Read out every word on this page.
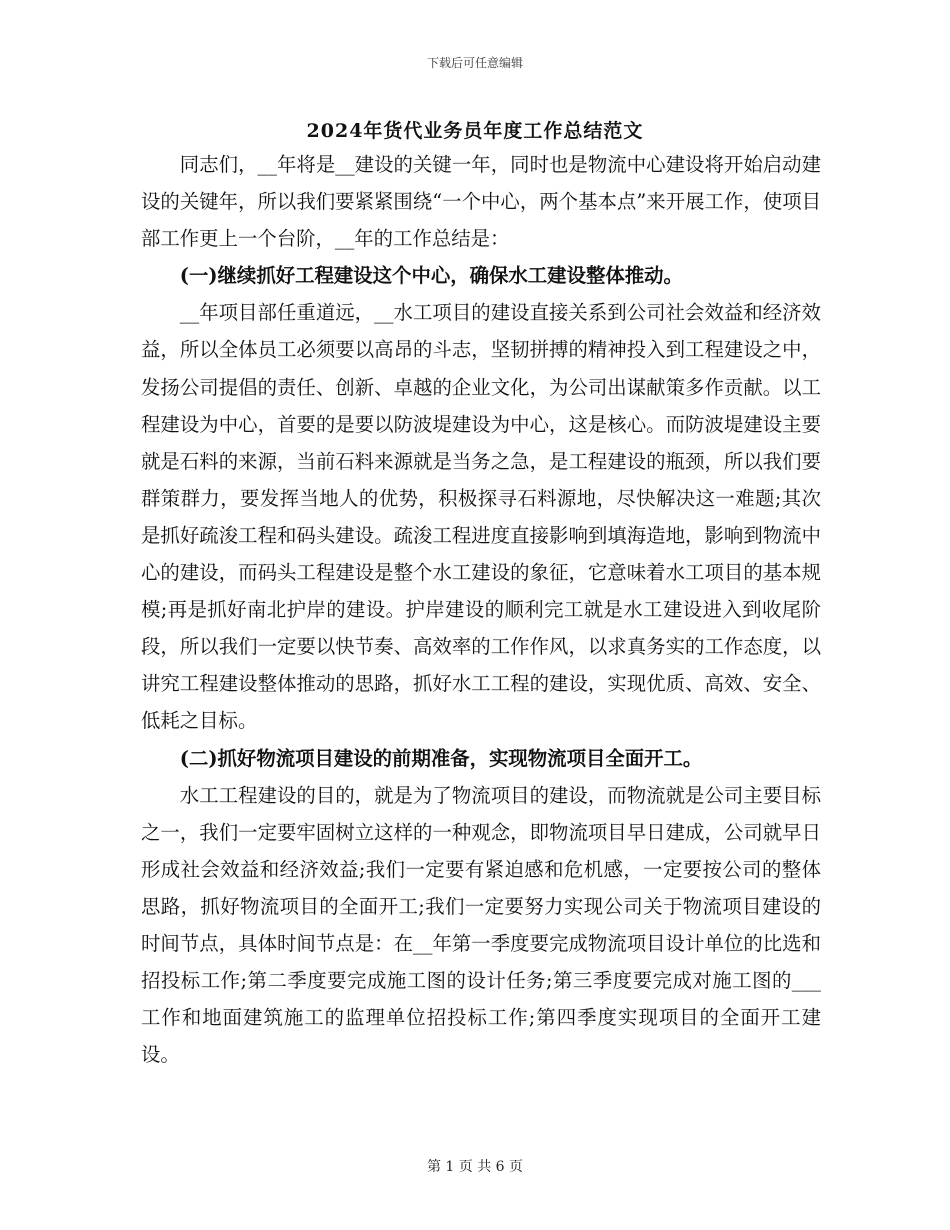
下载后可任意编辑
2024年货代业务员年度工作总结范文

同志们，__年将是__建设的关键一年，同时也是物流中心建设将开始启动建设的关键年，所以我们要紧紧围绕“一个中心，两个基本点”来开展工作，使项目部工作更上一个台阶，__年的工作总结是：

(一)继续抓好工程建设这个中心，确保水工建设整体推动。

__年项目部任重道远，__水工项目的建设直接关系到公司社会效益和经济效益，所以全体员工必须要以高昂的斗志，坚韧拼搏的精神投入到工程建设之中，发扬公司提倡的责任、创新、卓越的企业文化，为公司出谋献策多作贡献。以工程建设为中心，首要的是要以防波堤建设为中心，这是核心。而防波堤建设主要就是石料的来源，当前石料来源就是当务之急，是工程建设的瓶颈，所以我们要群策群力，要发挥当地人的优势，积极探寻石料源地，尽快解决这一难题;其次是抓好疏浚工程和码头建设。疏浚工程进度直接影响到填海造地，影响到物流中心的建设，而码头工程建设是整个水工建设的象征，它意味着水工项目的基本规模;再是抓好南北护岸的建设。护岸建设的顺利完工就是水工建设进入到收尾阶段，所以我们一定要以快节奏、高效率的工作作风，以求真务实的工作态度，以讲究工程建设整体推动的思路，抓好水工工程的建设，实现优质、高效、安全、低耗之目标。

(二)抓好物流项目建设的前期准备，实现物流项目全面开工。

水工工程建设的目的，就是为了物流项目的建设，而物流就是公司主要目标之一，我们一定要牢固树立这样的一种观念，即物流项目早日建成，公司就早日形成社会效益和经济效益;我们一定要有紧迫感和危机感，一定要按公司的整体思路，抓好物流项目的全面开工;我们一定要努力实现公司关于物流项目建设的时间节点，具体时间节点是：在__年第一季度要完成物流项目设计单位的比选和招投标工作;第二季度要完成施工图的设计任务;第三季度要完成对施工图的___工作和地面建筑施工的监理单位招投标工作;第四季度实现项目的全面开工建设。

第 1 页 共 6 页
